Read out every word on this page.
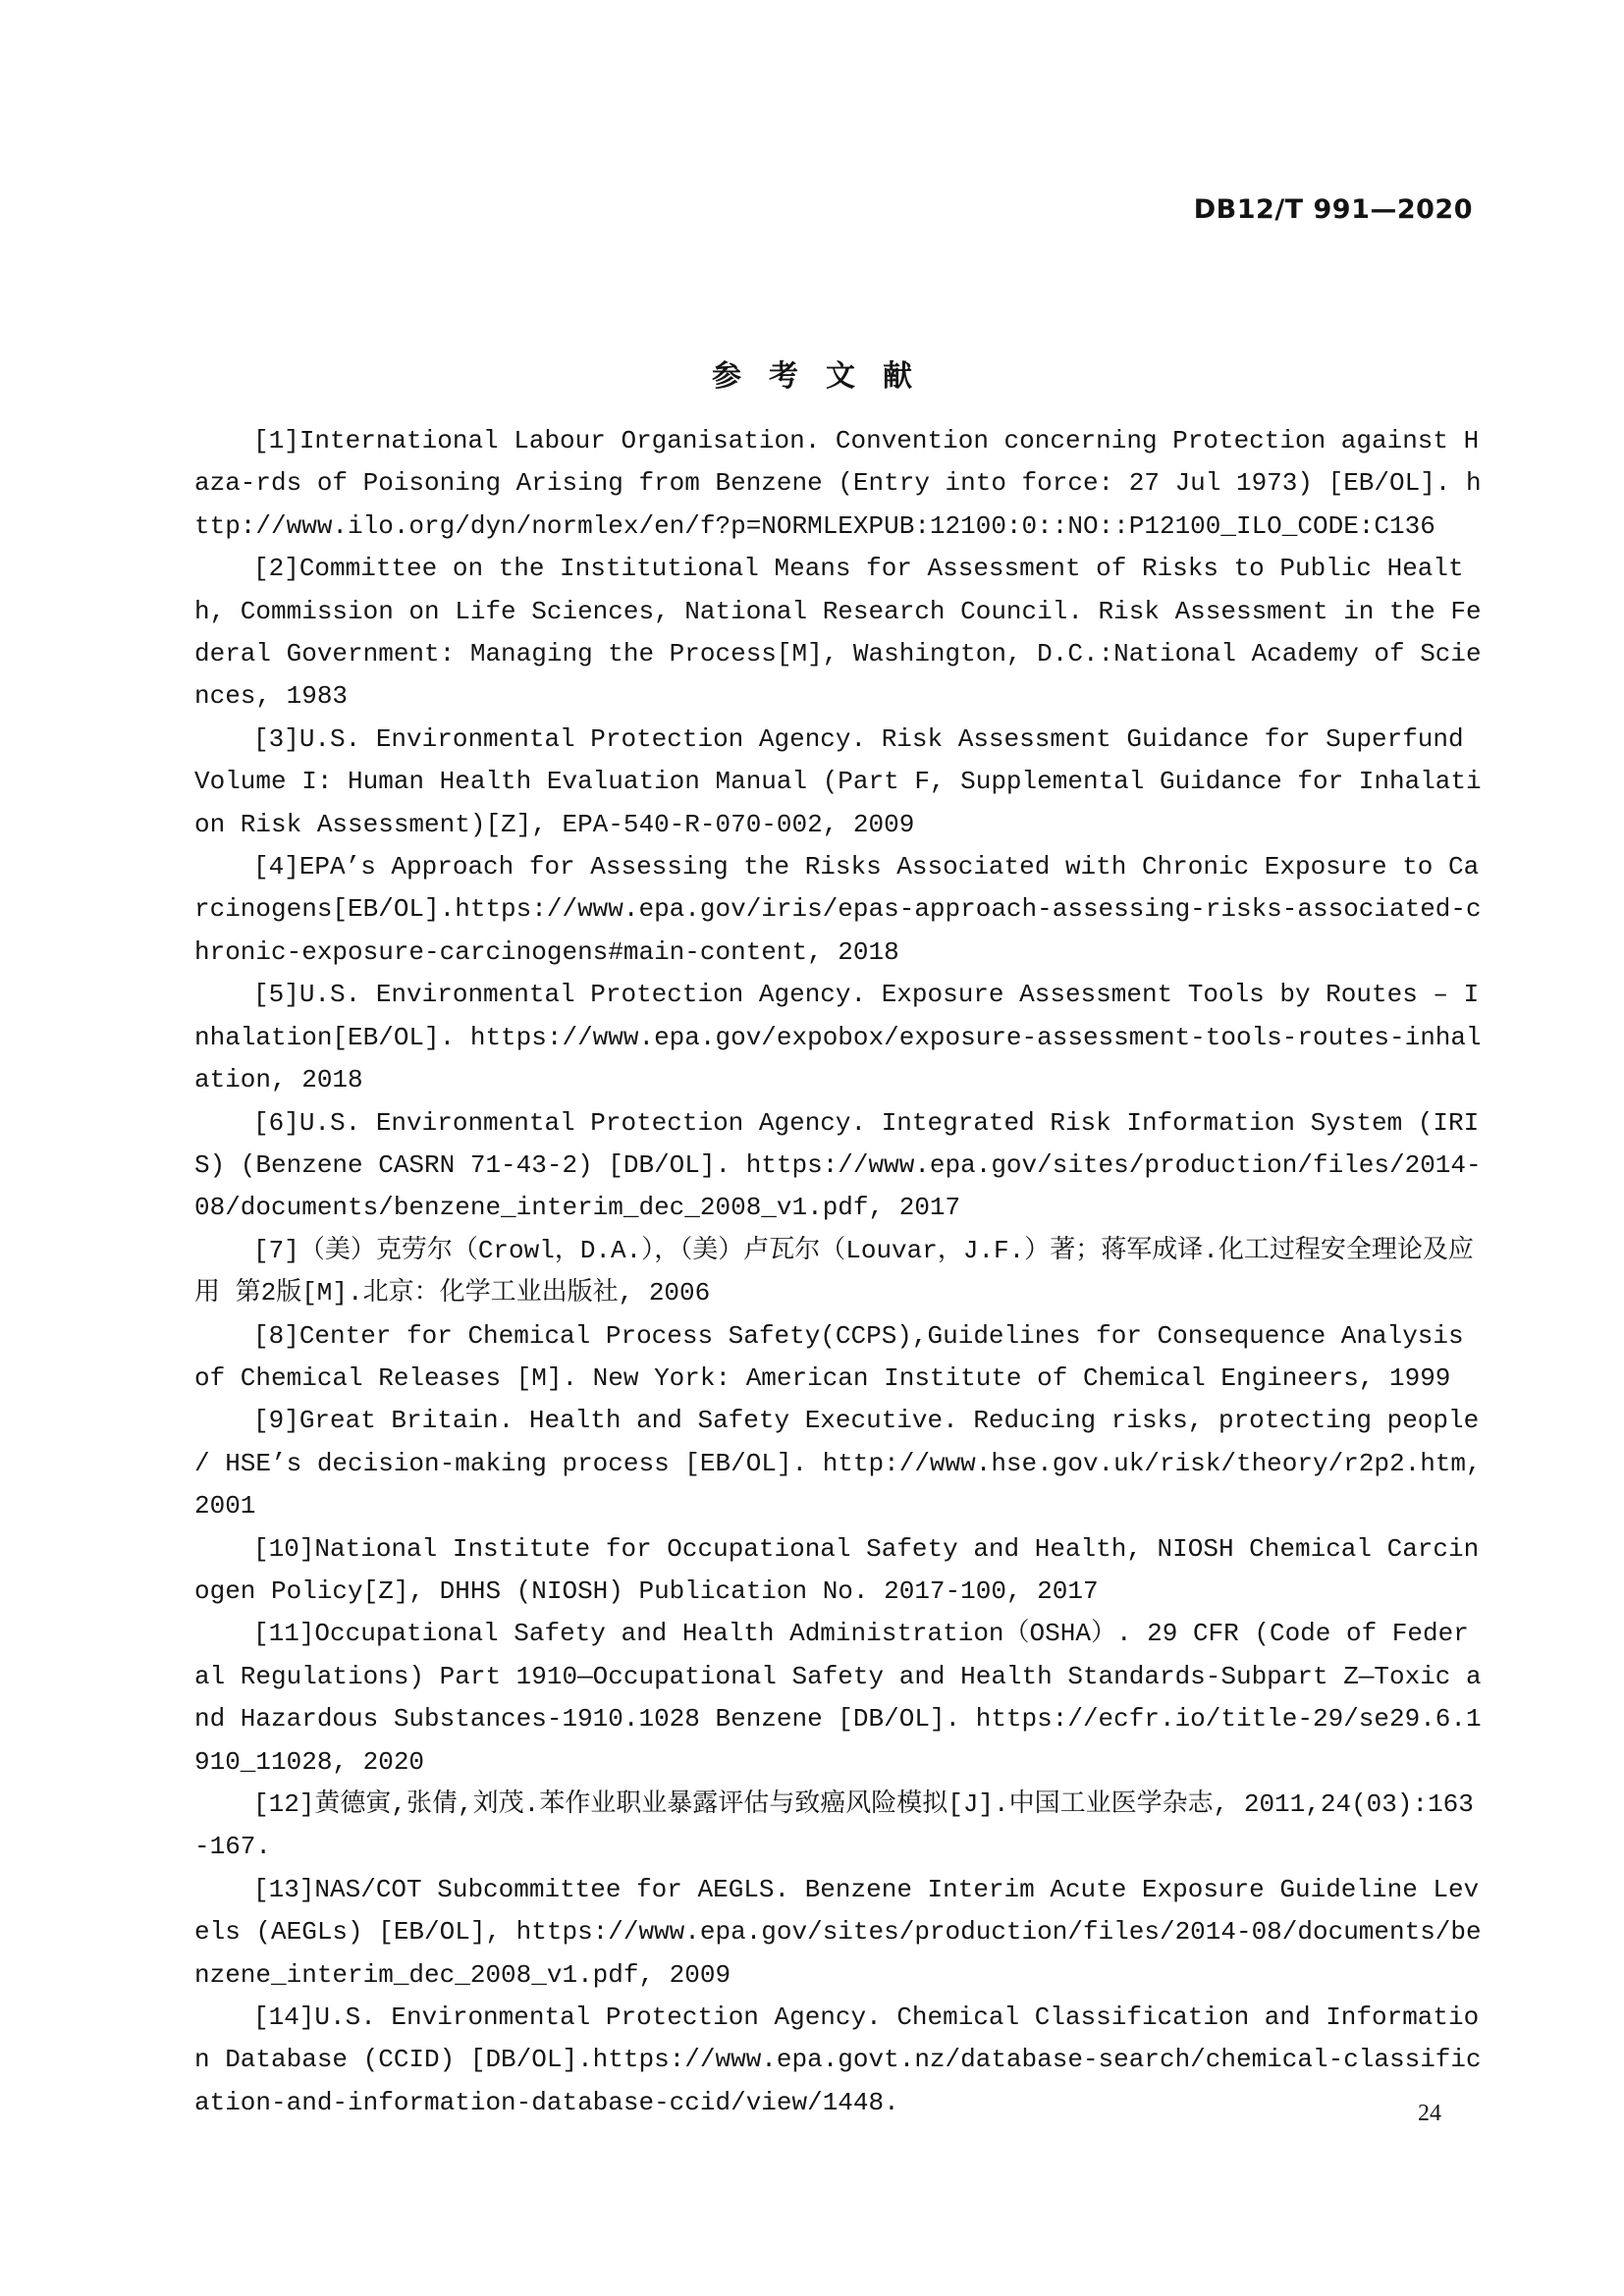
DB12/T 991—2020
参考文献

[1]International Labour Organisation. Convention concerning Protection against Haza-rds of Poisoning Arising from Benzene (Entry into force: 27 Jul 1973) [EB/OL]. http://www.ilo.org/dyn/normlex/en/f?p=NORMLEXPUB:12100:0::NO::P12100_ILO_CODE:C136

[2]Committee on the Institutional Means for Assessment of Risks to Public Health, Commission on Life Sciences, National Research Council. Risk Assessment in the Federal Government: Managing the Process[M], Washington, D.C.:National Academy of Sciences, 1983

[3]U.S. Environmental Protection Agency. Risk Assessment Guidance for Superfund Volume I: Human Health Evaluation Manual (Part F, Supplemental Guidance for Inhalation Risk Assessment)[Z], EPA-540-R-070-002, 2009

[4]EPA’s Approach for Assessing the Risks Associated with Chronic Exposure to Carcinogens[EB/OL].https://www.epa.gov/iris/epas-approach-assessing-risks-associated-chronic-exposure-carcinogens#main-content, 2018

[5]U.S. Environmental Protection Agency. Exposure Assessment Tools by Routes – Inhalation[EB/OL]. https://www.epa.gov/expobox/exposure-assessment-tools-routes-inhalation, 2018

[6]U.S. Environmental Protection Agency. Integrated Risk Information System (IRIS) (Benzene CASRN 71-43-2) [DB/OL]. https://www.epa.gov/sites/production/files/2014-08/documents/benzene_interim_dec_2008_v1.pdf, 2017

[7]（美）克劳尔（Crowl，D.A.），（美）卢瓦尔（Louvar，J.F.）著；蒋军成译.化工过程安全理论及应用 第2版[M].北京：化学工业出版社, 2006

[8]Center for Chemical Process Safety(CCPS),Guidelines for Consequence Analysis of Chemical Releases [M]. New York: American Institute of Chemical Engineers, 1999

[9]Great Britain. Health and Safety Executive. Reducing risks, protecting people / HSE’s decision-making process [EB/OL]. http://www.hse.gov.uk/risk/theory/r2p2.htm, 2001

[10]National Institute for Occupational Safety and Health, NIOSH Chemical Carcinogen Policy[Z], DHHS (NIOSH) Publication No. 2017-100, 2017

[11]Occupational Safety and Health Administration（OSHA）. 29 CFR (Code of Federal Regulations) Part 1910—Occupational Safety and Health Standards-Subpart Z—Toxic and Hazardous Substances-1910.1028 Benzene [DB/OL]. https://ecfr.io/title-29/se29.6.1910_11028, 2020

[12]黄德寅,张倩,刘茂.苯作业职业暴露评估与致癌风险模拟[J].中国工业医学杂志, 2011,24(03):163-167.

[13]NAS/COT Subcommittee for AEGLS. Benzene Interim Acute Exposure Guideline Levels (AEGLs) [EB/OL], https://www.epa.gov/sites/production/files/2014-08/documents/benzene_interim_dec_2008_v1.pdf, 2009

[14]U.S. Environmental Protection Agency. Chemical Classification and Information Database (CCID) [DB/OL].https://www.epa.govt.nz/database-search/chemical-classification-and-information-database-ccid/view/1448.	24
